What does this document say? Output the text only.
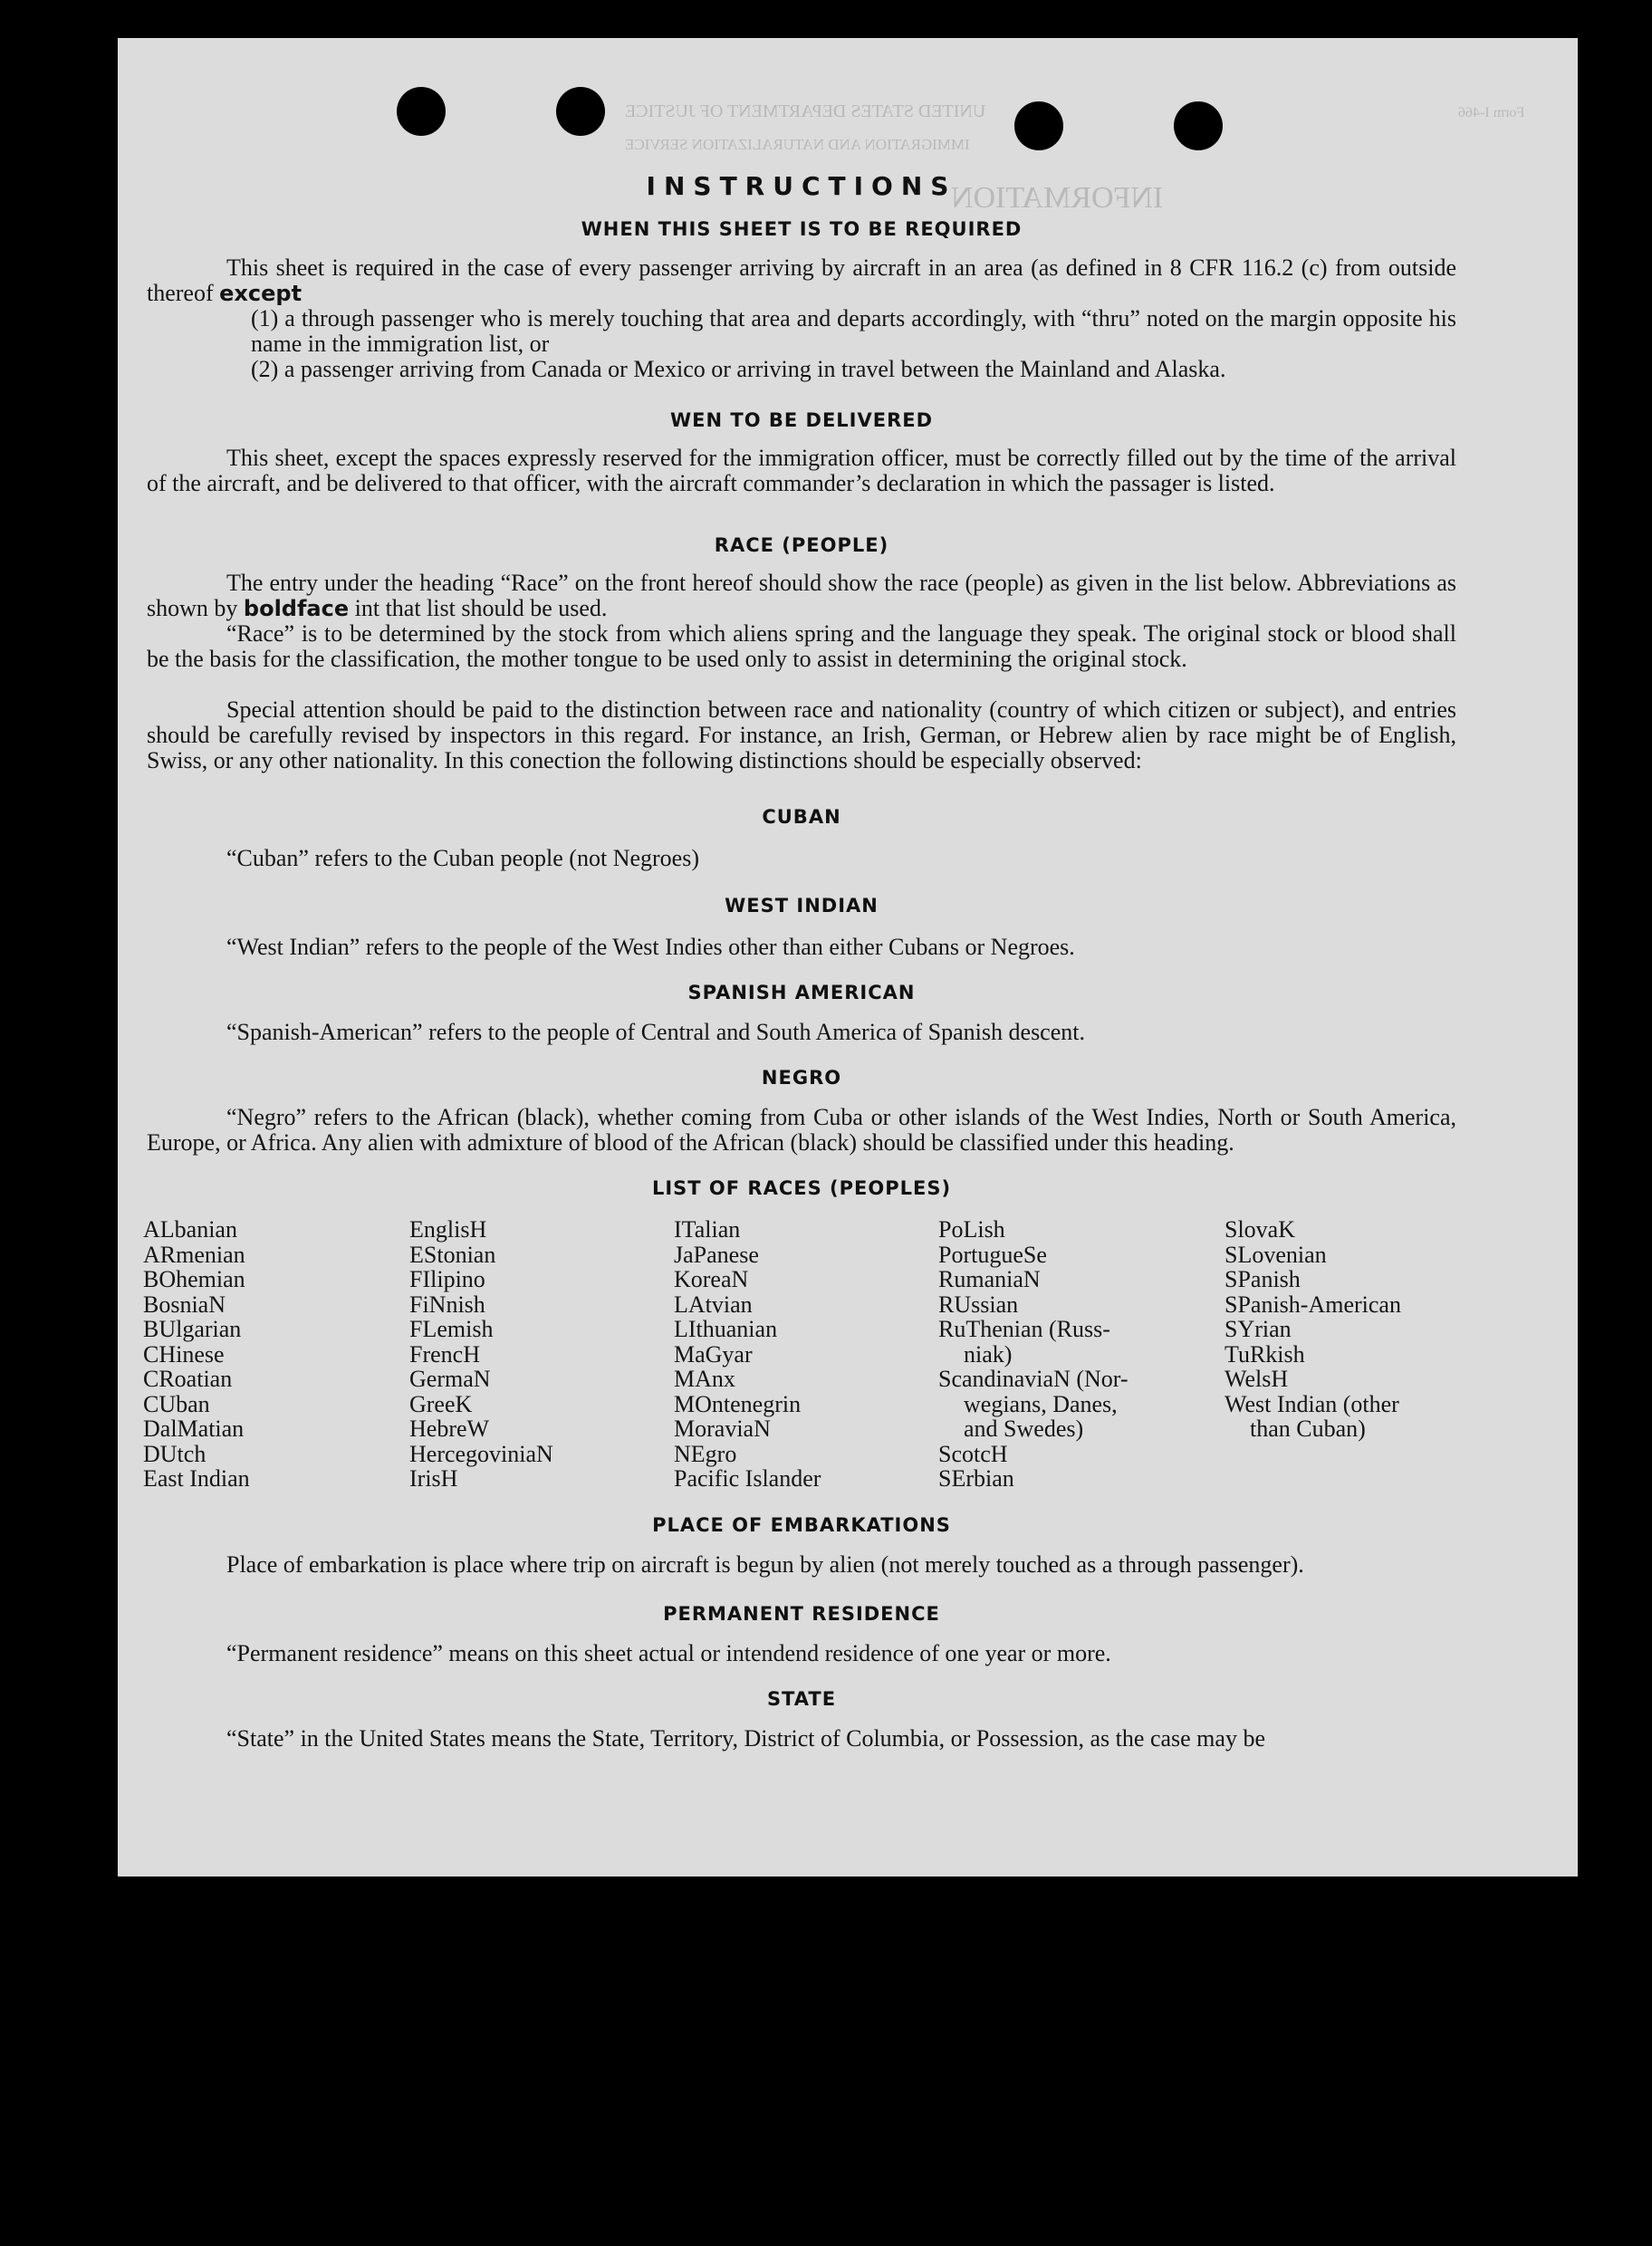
UNITED STATES DEPARTMENT OF JUSTICE
IMMIGRATION AND NATURALIZATION SERVICE
INFORMATION
Form I-466
INSTRUCTIONS
WHEN THIS SHEET IS TO BE REQUIRED
This sheet is required in the case of every passenger arriving by aircraft in an area (as defined in 8 CFR 116.2 (c) from outside thereof except
(1) a through passenger who is merely touching that area and departs accordingly, with “thru” noted on the margin opposite his name in the immigration list, or
(2) a passenger arriving from Canada or Mexico or arriving in travel between the Mainland and Alaska.
WEN TO BE DELIVERED
This sheet, except the spaces expressly reserved for the immigration officer, must be correctly filled out by the time of the arrival of the aircraft, and be delivered to that officer, with the aircraft commander’s declaration in which the passager is listed.
RACE (PEOPLE)
The entry under the heading “Race” on the front hereof should show the race (people) as given in the list below. Abbreviations as shown by boldface int that list should be used.
“Race” is to be determined by the stock from which aliens spring and the language they speak. The original stock or blood shall be the basis for the classification, the mother tongue to be used only to assist in determining the original stock.
Special attention should be paid to the distinction between race and nationality (country of which citizen or subject), and entries should be carefully revised by inspectors in this regard. For instance, an Irish, German, or Hebrew alien by race might be of English, Swiss, or any other nationality. In this conection the following distinctions should be especially observed:
CUBAN
“Cuban” refers to the Cuban people (not Negroes)
WEST INDIAN
“West Indian” refers to the people of the West Indies other than either Cubans or Negroes.
SPANISH AMERICAN
“Spanish-American” refers to the people of Central and South America of Spanish descent.
NEGRO
“Negro” refers to the African (black), whether coming from Cuba or other islands of the West Indies, North or South America, Europe, or Africa. Any alien with admixture of blood of the African (black) should be classified under this heading.
LIST OF RACES (PEOPLES)
ALbanian
ARmenian
BOhemian
BosniaN
BUlgarian
CHinese
CRoatian
CUban
DalMatian
DUtch
East Indian
EnglisH
EStonian
FIlipino
FiNnish
FLemish
FrencH
GermaN
GreeK
HebreW
HercegoviniaN
IrisH
ITalian
JaPanese
KoreaN
LAtvian
LIthuanian
MaGyar
MAnx
MOntenegrin
MoraviaN
NEgro
Pacific Islander
PoLish
PortugueSe
RumaniaN
RUssian
RuThenian (Russ-
niak)
ScandinaviaN (Nor-
wegians, Danes,
and Swedes)
ScotcH
SErbian
SlovaK
SLovenian
SPanish
SPanish-American
SYrian
TuRkish
WelsH
West Indian (other
than Cuban)
PLACE OF EMBARKATIONS
Place of embarkation is place where trip on aircraft is begun by alien (not merely touched as a through passenger).
PERMANENT RESIDENCE
“Permanent residence” means on this sheet actual or intendend residence of one year or more.
STATE
“State” in the United States means the State, Territory, District of Columbia, or Possession, as the case may be
